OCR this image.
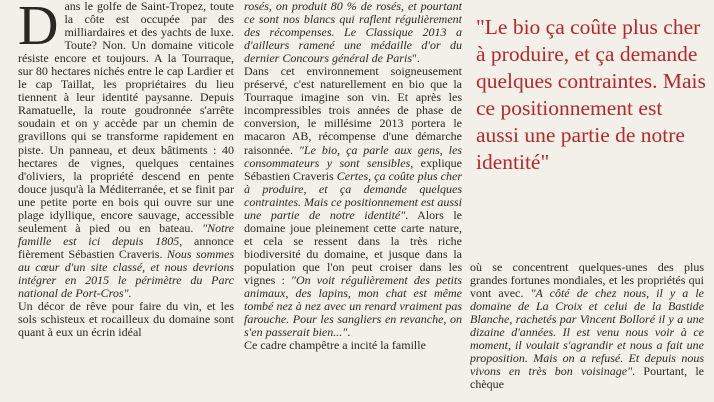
Dans le golfe de Saint-Tropez, toute la côte est occupée par des milliardaires et des yachts de luxe. Toute? Non. Un domaine viticole résiste encore et toujours. A la Tourraque, sur 80 hectares nichés entre le cap Lardier et le cap Taillat, les propriétaires du lieu tiennent à leur identité paysanne. Depuis Ramatuelle, la route goudronnée s'arrête soudain et on y accède par un chemin de gravillons qui se transforme rapidement en piste. Un panneau, et deux bâtiments : 40 hectares de vignes, quelques centaines d'oliviers, la propriété descend en pente douce jusqu'à la Méditerranée, et se finit par une petite porte en bois qui ouvre sur une plage idyllique, encore sauvage, accessible seulement à pied ou en bateau. "Notre famille est ici depuis 1805, annonce fièrement Sébastien Craveris. Nous sommes au cœur d'un site classé, et nous devrions intégrer en 2015 le périmètre du Parc national de Port-Cros".

Un décor de rêve pour faire du vin, et les sols schisteux et rocailleux du domaine sont quant à eux un écrin idéal

rosés, on produit 80 % de rosés, et pourtant ce sont nos blancs qui raflent régulièrement des récompenses. Le Classique 2013 a d'ailleurs ramené une médaille d'or du dernier Concours général de Paris".

Dans cet environnement soigneusement préservé, c'est naturellement en bio que la Tourraque imagine son vin. Et après les incompressibles trois années de phase de conversion, le millésime 2013 portera le macaron AB, récompense d'une démarche raisonnée. "Le bio, ça parle aux gens, les consommateurs y sont sensibles, explique Sébastien Craveris Certes, ça coûte plus cher à produire, et ça demande quelques contraintes. Mais ce positionnement est aussi une partie de notre identité". Alors le domaine joue pleinement cette carte nature, et cela se ressent dans la très riche biodiversité du domaine, et jusque dans la population que l'on peut croiser dans les vignes : "On voit régulièrement des petits animaux, des lapins, mon chat est même tombé nez à nez avec un renard vraiment pas farouche. Pour les sangliers en revanche, on s'en passerait bien...".

Ce cadre champêtre a incité la famille

"Le bio ça coûte plus cher à produire, et ça demande quelques contraintes. Mais ce positionnement est aussi une partie de notre identité"

où se concentrent quelques-unes des plus grandes fortunes mondiales, et les propriétés qui vont avec. "A côté de chez nous, il y a le domaine de La Croix et celui de la Bastide Blanche, rachetés par Vincent Bolloré il y a une dizaine d'années. Il est venu nous voir à ce moment, il voulait s'agrandir et nous a fait une proposition. Mais on a refusé. Et depuis nous vivons en très bon voisinage". Pourtant, le chèque
